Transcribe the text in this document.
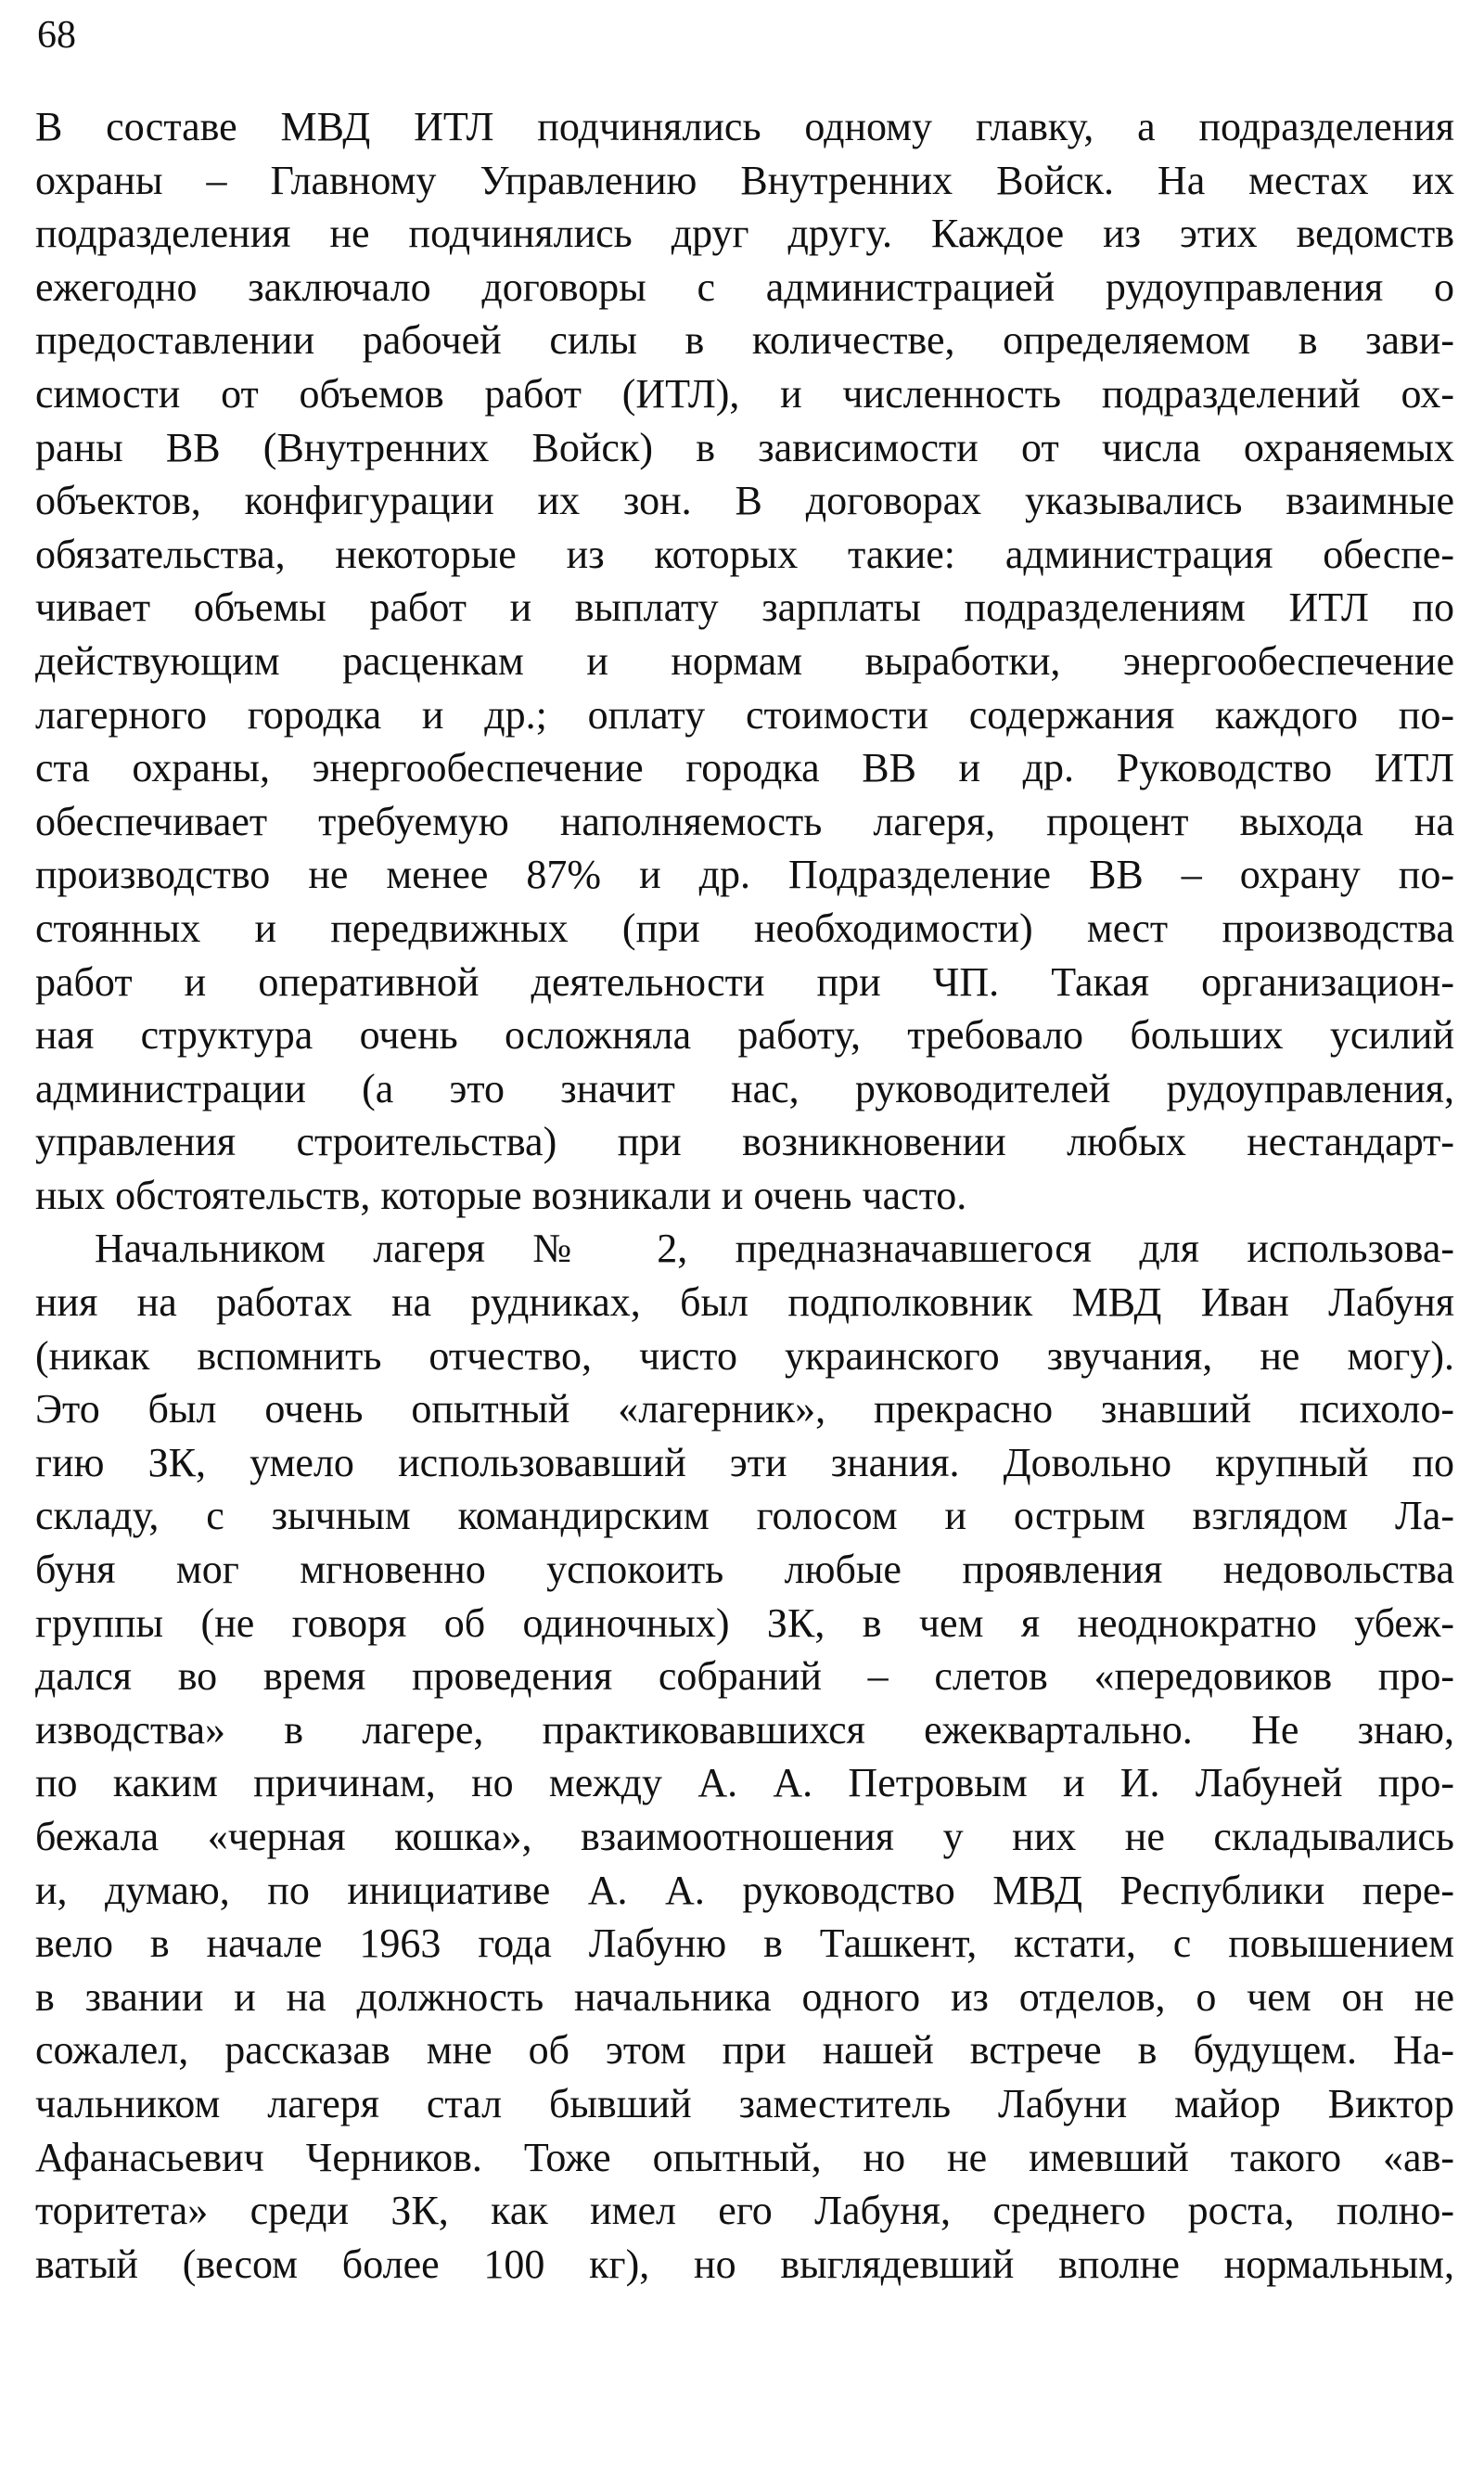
68
В составе МВД ИТЛ подчинялись одному главку, а подразделения
охраны – Главному Управлению Внутренних Войск. На местах их
подразделения не подчинялись друг другу. Каждое из этих ведомств
ежегодно заключало договоры с администрацией рудоуправления о
предоставлении рабочей силы в количестве, определяемом в зави-
симости от объемов работ (ИТЛ), и численность подразделений ох-
раны ВВ (Внутренних Войск) в зависимости от числа охраняемых
объектов, конфигурации их зон. В договорах указывались взаимные
обязательства, некоторые из которых такие: администрация обеспе-
чивает объемы работ и выплату зарплаты подразделениям ИТЛ по
действующим расценкам и нормам выработки, энергообеспечение
лагерного городка и др.; оплату стоимости содержания каждого по-
ста охраны, энергообеспечение городка ВВ и др. Руководство ИТЛ
обеспечивает требуемую наполняемость лагеря, процент выхода на
производство не менее 87% и др. Подразделение ВВ – охрану по-
стоянных и передвижных (при необходимости) мест производства
работ и оперативной деятельности при ЧП. Такая организацион-
ная структура очень осложняла работу, требовало больших усилий
администрации (а это значит нас, руководителей рудоуправления,
управления строительства) при возникновении любых нестандарт-
ных обстоятельств, которые возникали и очень часто.
Начальником лагеря № 2, предназначавшегося для использова-
ния на работах на рудниках, был подполковник МВД Иван Лабуня
(никак вспомнить отчество, чисто украинского звучания, не могу).
Это был очень опытный «лагерник», прекрасно знавший психоло-
гию ЗК, умело использовавший эти знания. Довольно крупный по
складу, с зычным командирским голосом и острым взглядом Ла-
буня мог мгновенно успокоить любые проявления недовольства
группы (не говоря об одиночных) ЗК, в чем я неоднократно убеж-
дался во время проведения собраний – слетов «передовиков про-
изводства» в лагере, практиковавшихся ежеквартально. Не знаю,
по каким причинам, но между А. А. Петровым и И. Лабуней про-
бежала «черная кошка», взаимоотношения у них не складывались
и, думаю, по инициативе А. А. руководство МВД Республики пере-
вело в начале 1963 года Лабуню в Ташкент, кстати, с повышением
в звании и на должность начальника одного из отделов, о чем он не
сожалел, рассказав мне об этом при нашей встрече в будущем. На-
чальником лагеря стал бывший заместитель Лабуни майор Виктор
Афанасьевич Черников. Тоже опытный, но не имевший такого «ав-
торитета» среди ЗК, как имел его Лабуня, среднего роста, полно-
ватый (весом более 100 кг), но выглядевший вполне нормальным,
